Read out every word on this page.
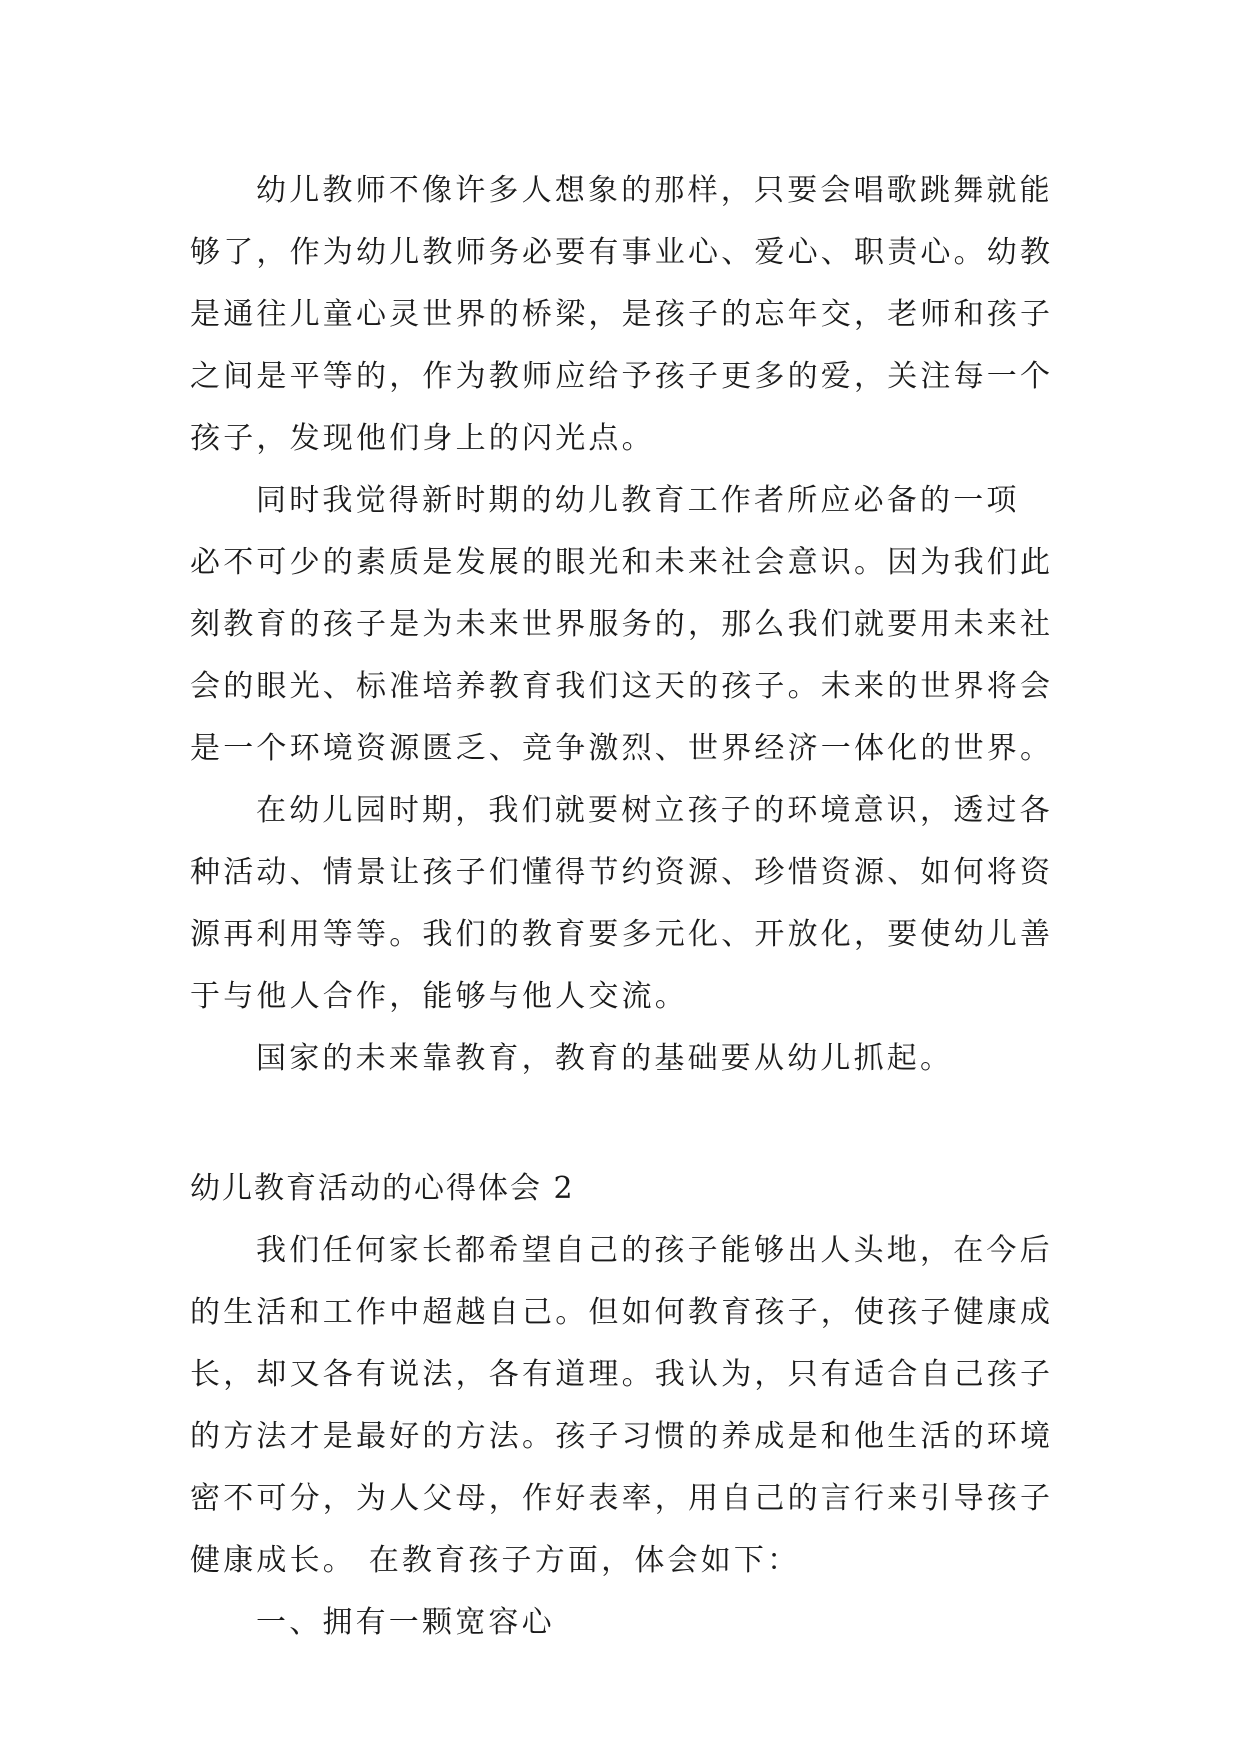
幼儿教师不像许多人想象的那样，只要会唱歌跳舞就能
够了，作为幼儿教师务必要有事业心、爱心、职责心。幼教
是通往儿童心灵世界的桥梁，是孩子的忘年交，老师和孩子
之间是平等的，作为教师应给予孩子更多的爱，关注每一个
孩子，发现他们身上的闪光点。
同时我觉得新时期的幼儿教育工作者所应必备的一项
必不可少的素质是发展的眼光和未来社会意识。因为我们此
刻教育的孩子是为未来世界服务的，那么我们就要用未来社
会的眼光、标准培养教育我们这天的孩子。未来的世界将会
是一个环境资源匮乏、竞争激烈、世界经济一体化的世界。
在幼儿园时期，我们就要树立孩子的环境意识，透过各
种活动、情景让孩子们懂得节约资源、珍惜资源、如何将资
源再利用等等。我们的教育要多元化、开放化，要使幼儿善
于与他人合作，能够与他人交流。
国家的未来靠教育，教育的基础要从幼儿抓起。
幼儿教育活动的心得体会 2
我们任何家长都希望自己的孩子能够出人头地，在今后
的生活和工作中超越自己。但如何教育孩子，使孩子健康成
长，却又各有说法，各有道理。我认为，只有适合自己孩子
的方法才是最好的方法。孩子习惯的养成是和他生活的环境
密不可分，为人父母，作好表率，用自己的言行来引导孩子
健康成长。 在教育孩子方面，体会如下：
一、拥有一颗宽容心
